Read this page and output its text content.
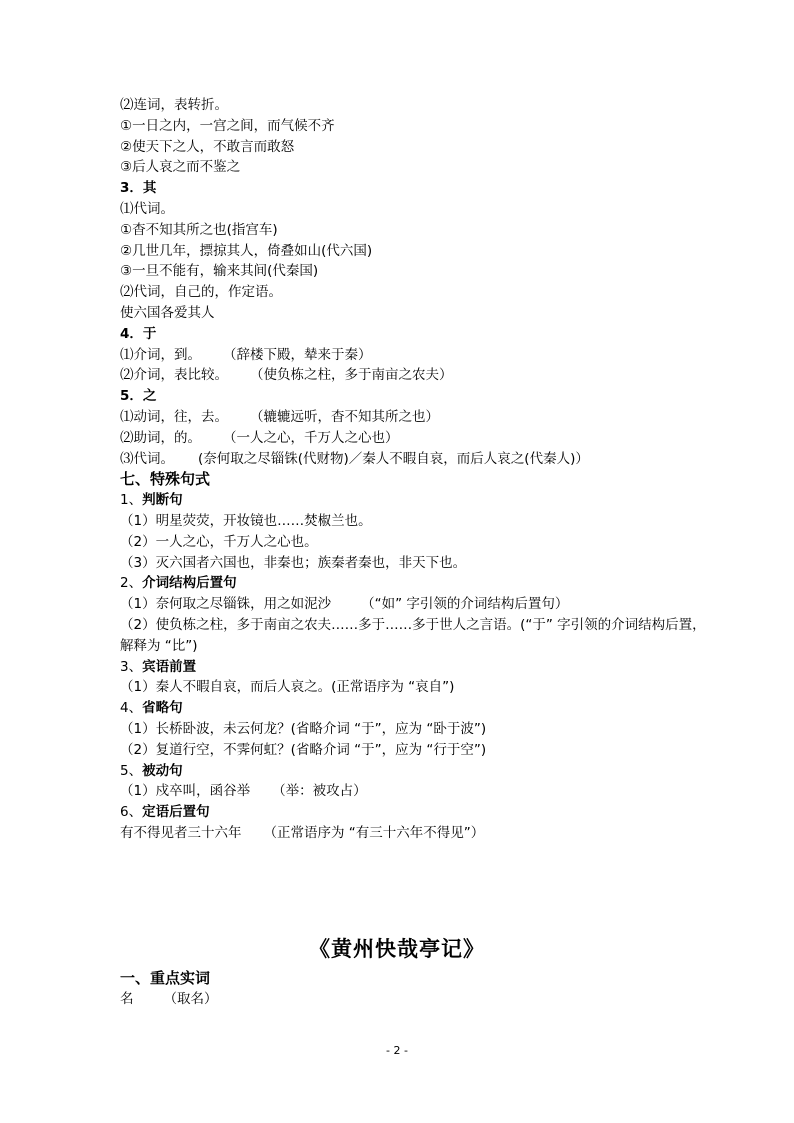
⑵连词，表转折。
①一日之内，一宫之间，而气候不齐
②使天下之人，不敢言而敢怒
③后人哀之而不鉴之
3．其
⑴代词。
①杳不知其所之也(指宫车)
②几世几年，摽掠其人，倚叠如山(代六国)
③一旦不能有，输来其间(代秦国)
⑵代词，自己的，作定语。
使六国各爱其人
4．于
⑴介词，到。 （辞楼下殿，辇来于秦）
⑵介词，表比较。 （使负栋之柱，多于南亩之农夫）
5．之
⑴动词，往，去。 （辘辘远听，杳不知其所之也）
⑵助词，的。 （一人之心，千万人之心也）
⑶代词。 (奈何取之尽锱铢(代财物)／秦人不暇自哀，而后人哀之(代秦人)）
七、特殊句式
1、判断句
（1）明星荧荧，开妆镜也……焚椒兰也。
（2）一人之心，千万人之心也。
（3）灭六国者六国也，非秦也；族秦者秦也，非天下也。
2、介词结构后置句
（1）奈何取之尽锱铢，用之如泥沙 （“如” 字引领的介词结构后置句）
（2）使负栋之柱，多于南亩之农夫……多于……多于世人之言语。(“于” 字引领的介词结构后置，解释为 “比”)
3、宾语前置
（1）秦人不暇自哀，而后人哀之。(正常语序为 “哀自”)
4、省略句
（1）长桥卧波，未云何龙？(省略介词 “于”，应为 “卧于波”)
（2）复道行空，不霁何虹？(省略介词 “于”，应为 “行于空”)
5、被动句
（1）戍卒叫，函谷举 （举：被攻占）
6、定语后置句
有不得见者三十六年 （正常语序为 “有三十六年不得见”）
《黄州快哉亭记》
一、重点实词
名 （取名）
- 2 -
